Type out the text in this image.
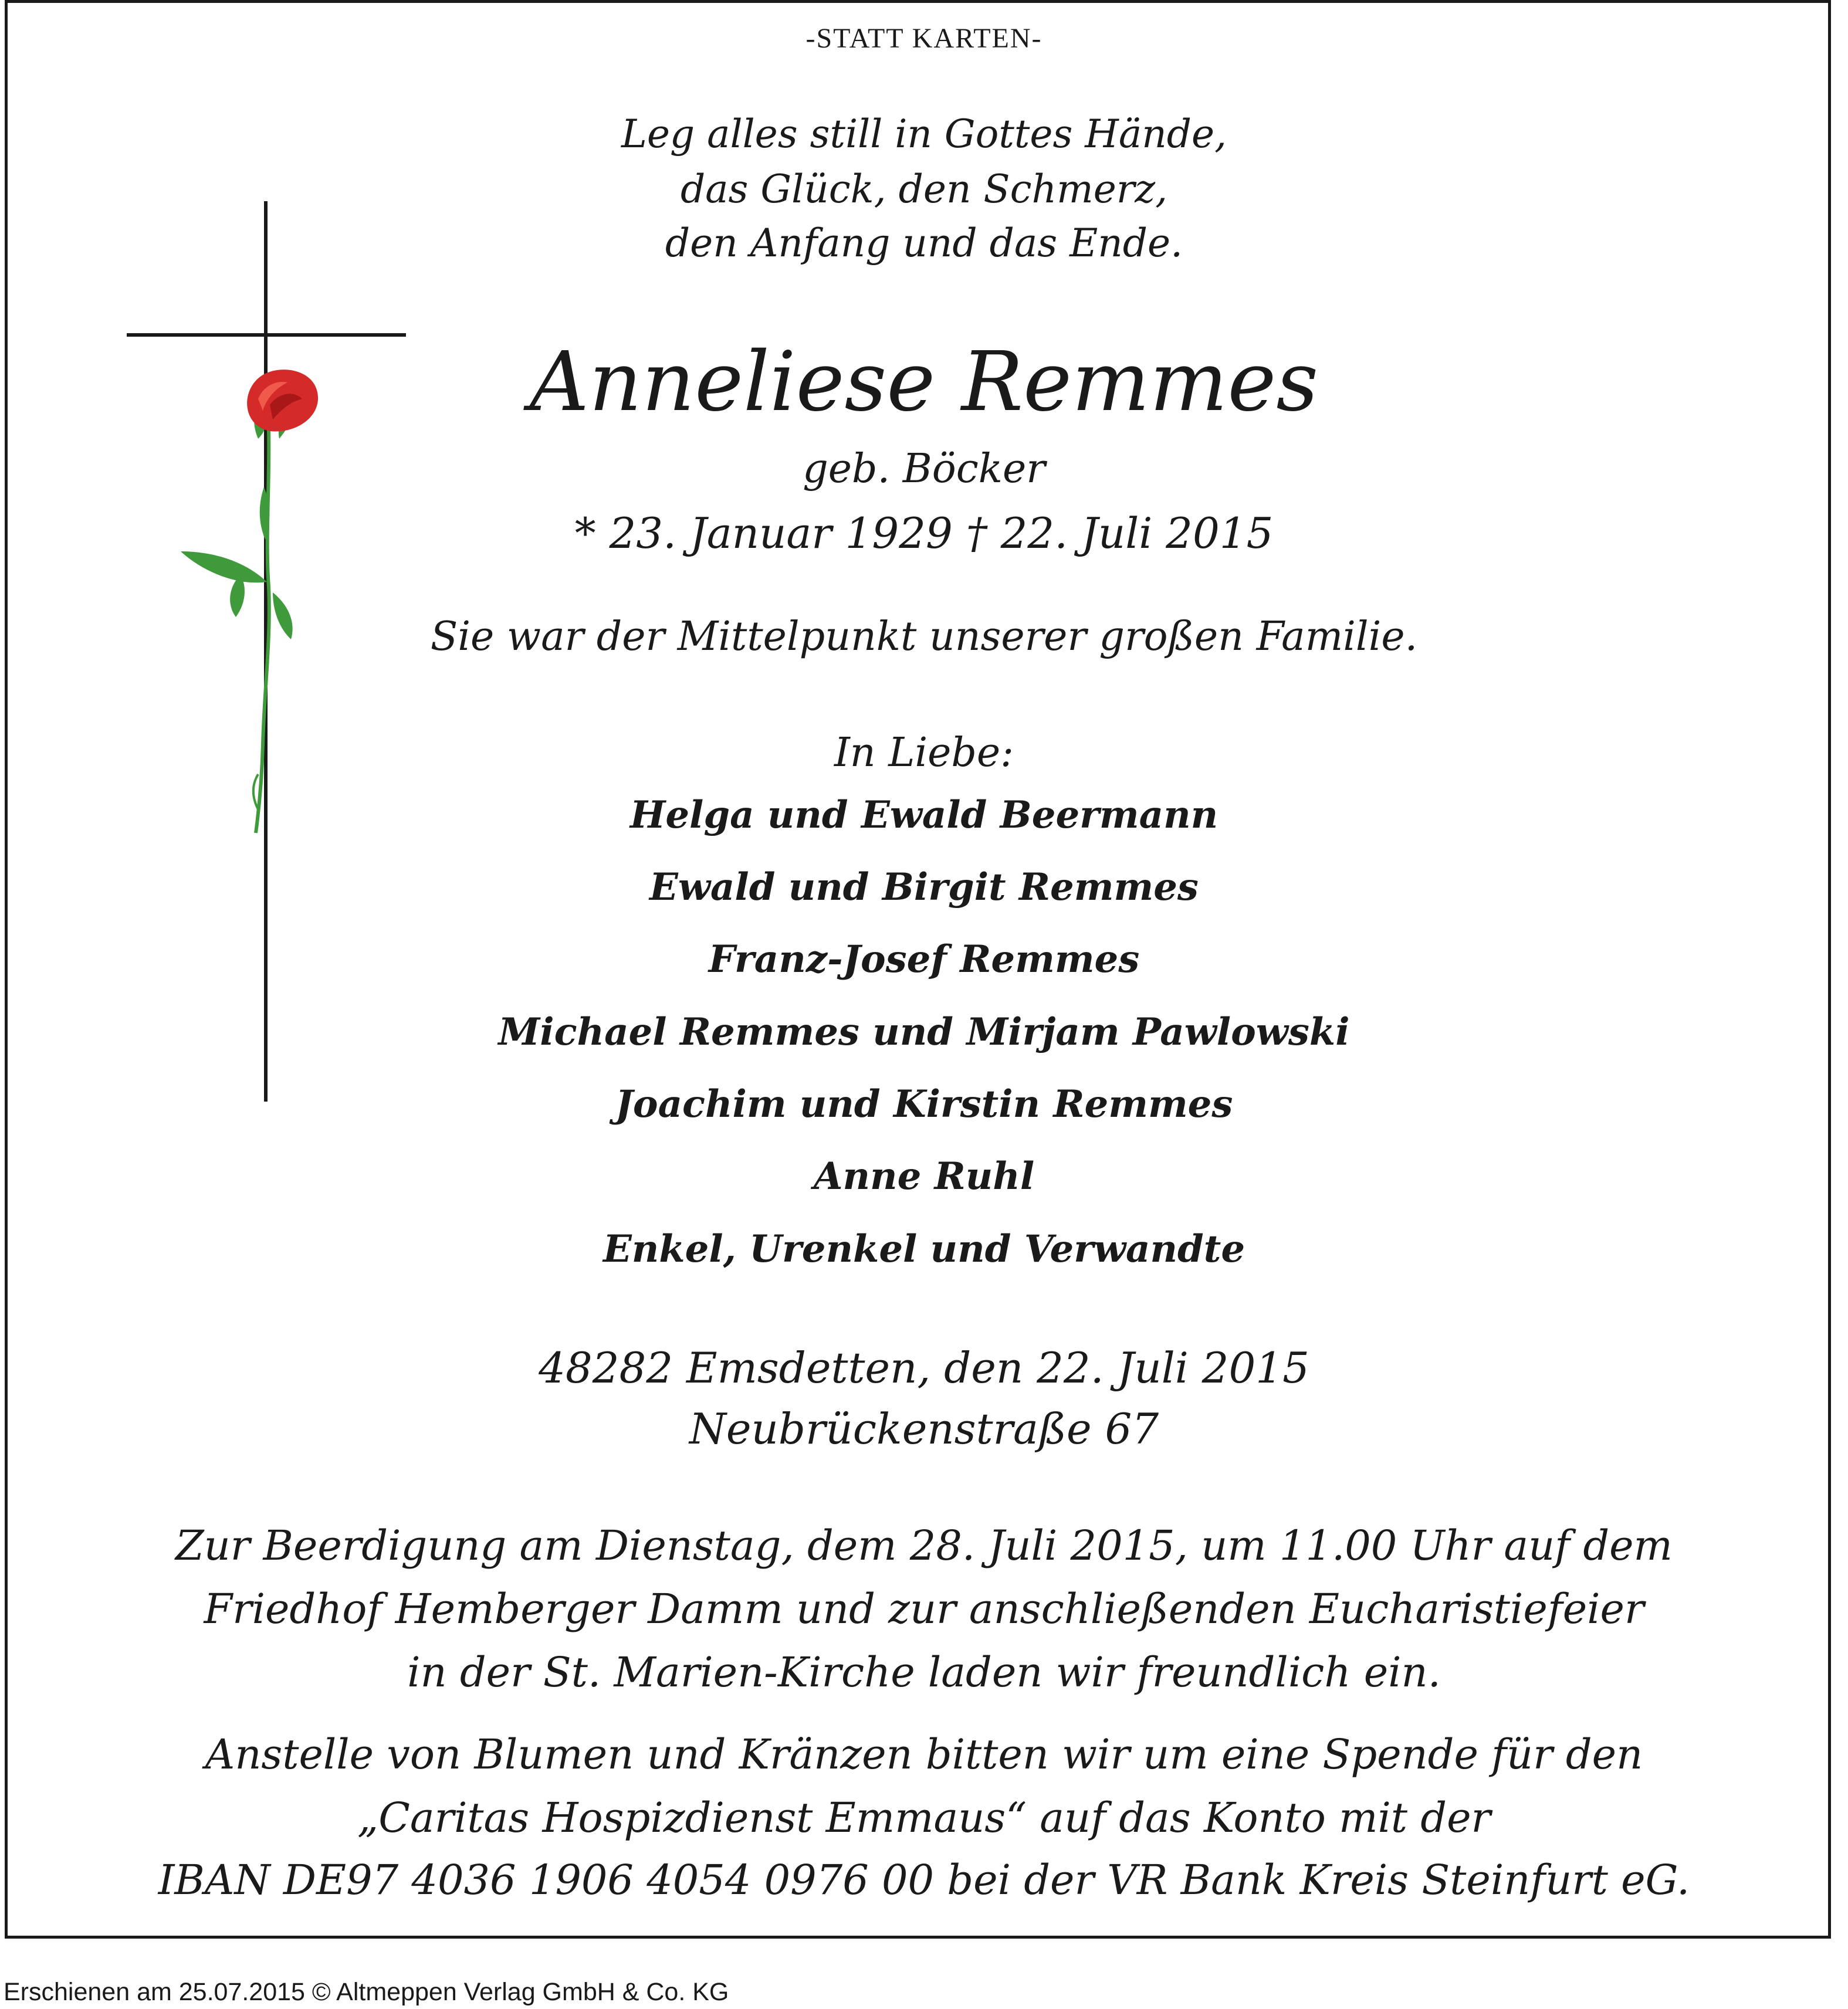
-STATT KARTEN-
Leg alles still in Gottes Hände,
das Glück, den Schmerz,
den Anfang und das Ende.
Anneliese Remmes
geb. Böcker
* 23. Januar 1929 † 22. Juli 2015
Sie war der Mittelpunkt unserer großen Familie.
In Liebe:
Helga und Ewald Beermann
Ewald und Birgit Remmes
Franz-Josef Remmes
Michael Remmes und Mirjam Pawlowski
Joachim und Kirstin Remmes
Anne Ruhl
Enkel, Urenkel und Verwandte
48282 Emsdetten, den 22. Juli 2015
Neubrückenstraße 67
Zur Beerdigung am Dienstag, dem 28. Juli 2015, um 11.00 Uhr auf dem
Friedhof Hemberger Damm und zur anschließenden Eucharistiefeier
in der St. Marien-Kirche laden wir freundlich ein.
Anstelle von Blumen und Kränzen bitten wir um eine Spende für den
„Caritas Hospizdienst Emmaus“ auf das Konto mit der
IBAN DE97 4036 1906 4054 0976 00 bei der VR Bank Kreis Steinfurt eG.
Erschienen am 25.07.2015 © Altmeppen Verlag GmbH & Co. KG
